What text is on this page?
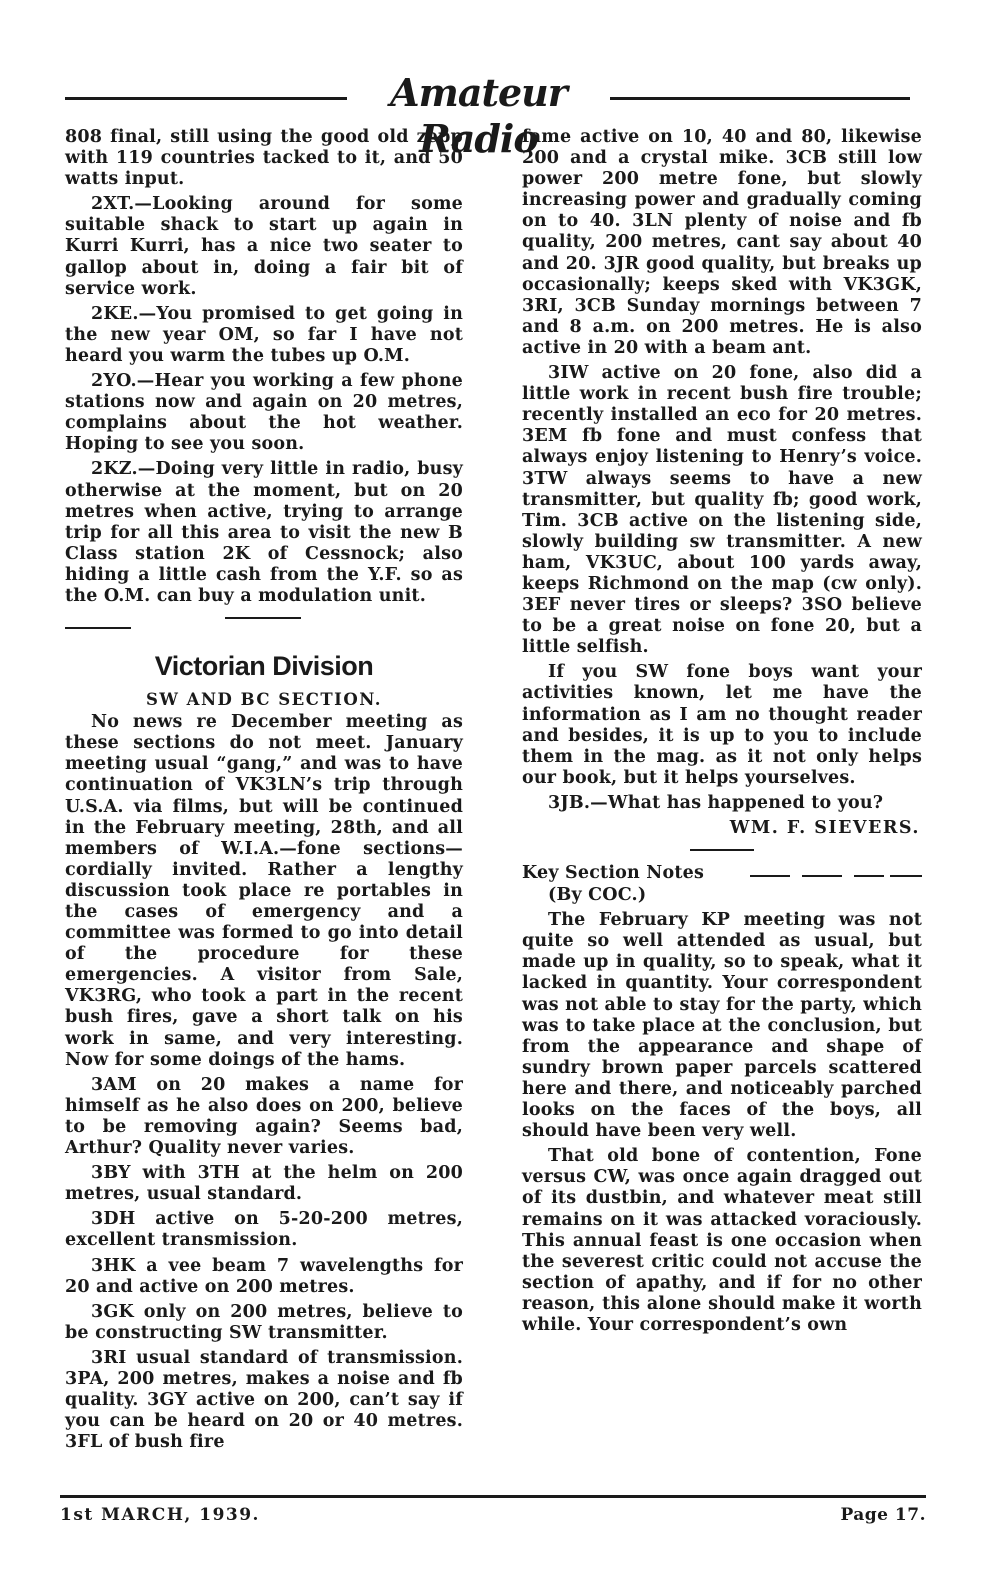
Amateur Radio

808 final, still using the good old zepp with 119 countries tacked to it, and 50 watts input.

2XT.—Looking around for some suitable shack to start up again in Kurri Kurri, has a nice two seater to gallop about in, doing a fair bit of service work.

2KE.—You promised to get going in the new year OM, so far I have not heard you warm the tubes up O.M.

2YO.—Hear you working a few phone stations now and again on 20 metres, complains about the hot weather. Hoping to see you soon.

2KZ.—Doing very little in radio, busy otherwise at the moment, but on 20 metres when active, trying to arrange trip for all this area to visit the new B Class station 2K of Cessnock; also hiding a little cash from the Y.F. so as the O.M. can buy a modulation unit.

Victorian Division
SW AND BC SECTION.

No news re December meeting as these sections do not meet. January meeting usual “gang,” and was to have continuation of VK3LN’s trip through U.S.A. via films, but will be continued in the February meeting, 28th, and all members of W.I.A.—fone sections—cordially invited. Rather a lengthy discussion took place re portables in the cases of emergency and a committee was formed to go into detail of the procedure for these emergencies. A visitor from Sale, VK3RG, who took a part in the recent bush fires, gave a short talk on his work in same, and very interesting. Now for some doings of the hams.

3AM on 20 makes a name for himself as he also does on 200, believe to be removing again? Seems bad, Arthur? Quality never varies.

3BY with 3TH at the helm on 200 metres, usual standard.

3DH active on 5-20-200 metres, excellent transmission.

3HK a vee beam 7 wavelengths for 20 and active on 200 metres.

3GK only on 200 metres, believe to be constructing SW transmitter.

3RI usual standard of transmission. 3PA, 200 metres, makes a noise and fb quality. 3GY active on 200, can’t say if you can be heard on 20 or 40 metres. 3FL of bush fire

fame active on 10, 40 and 80, likewise 200 and a crystal mike. 3CB still low power 200 metre fone, but slowly increasing power and gradually coming on to 40. 3LN plenty of noise and fb quality, 200 metres, cant say about 40 and 20. 3JR good quality, but breaks up occasionally; keeps sked with VK3GK, 3RI, 3CB Sunday mornings between 7 and 8 a.m. on 200 metres. He is also active in 20 with a beam ant.

3IW active on 20 fone, also did a little work in recent bush fire trouble; recently installed an eco for 20 metres. 3EM fb fone and must confess that always enjoy listening to Henry’s voice. 3TW always seems to have a new transmitter, but quality fb; good work, Tim. 3CB active on the listening side, slowly building sw transmitter. A new ham, VK3UC, about 100 yards away, keeps Richmond on the map (cw only). 3EF never tires or sleeps? 3SO believe to be a great noise on fone 20, but a little selfish.

If you SW fone boys want your activities known, let me have the information as I am no thought reader and besides, it is up to you to include them in the mag. as it not only helps our book, but it helps yourselves.

3JB.—What has happened to you?

WM. F. SIEVERS.

Key Section Notes

(By COC.)

The February KP meeting was not quite so well attended as usual, but made up in quality, so to speak, what it lacked in quantity. Your correspondent was not able to stay for the party, which was to take place at the conclusion, but from the appearance and shape of sundry brown paper parcels scattered here and there, and noticeably parched looks on the faces of the boys, all should have been very well.

That old bone of contention, Fone versus CW, was once again dragged out of its dustbin, and whatever meat still remains on it was attacked voraciously. This annual feast is one occasion when the severest critic could not accuse the section of apathy, and if for no other reason, this alone should make it worth while. Your correspondent’s own

1st MARCH, 1939.	Page 17.
